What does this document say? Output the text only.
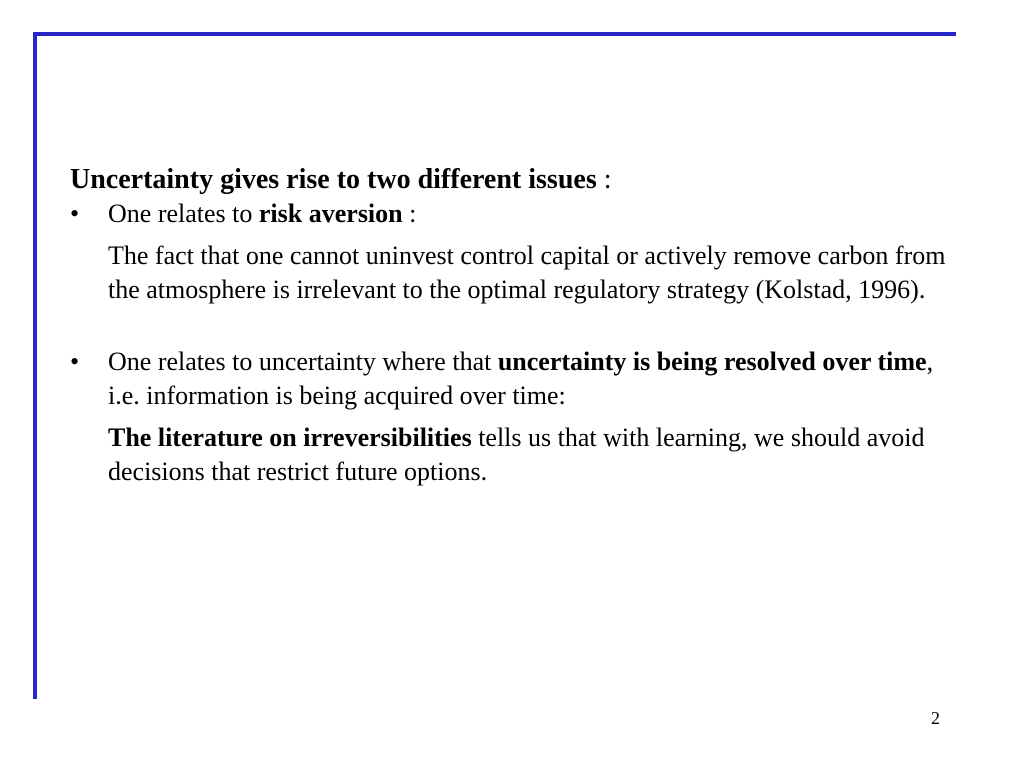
Uncertainty gives rise to two different issues :

• One relates to risk aversion :

The fact that one cannot uninvest control capital or actively remove carbon from the atmosphere is irrelevant to the optimal regulatory strategy (Kolstad, 1996).

• One relates to uncertainty where that uncertainty is being resolved over time, i.e. information is being acquired over time:

The literature on irreversibilities tells us that with learning, we should avoid decisions that restrict future options.

2
